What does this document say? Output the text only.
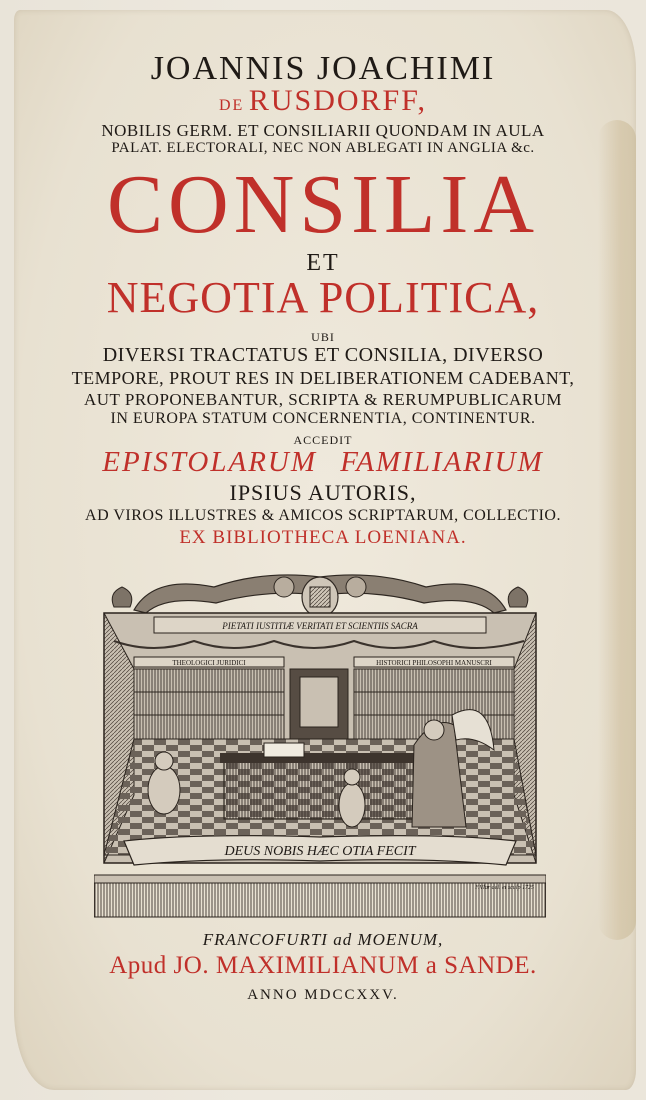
JOANNIS JOACHIMI
DE RUSDORFF,
NOBILIS GERM. ET CONSILIARII QUONDAM IN AULA
PALAT. ELECTORALI, NEC NON ABLEGATI IN ANGLIA &c.
CONSILIA
ET
NEGOTIA POLITICA,
UBI
DIVERSI TRACTATUS ET CONSILIA, DIVERSO
TEMPORE, PROUT RES IN DELIBERATIONEM CADEBANT,
AUT PROPONEBANTUR, SCRIPTA & RERUMPUBLICARUM
IN EUROPA STATUM CONCERNENTIA, CONTINENTUR.
ACCEDIT
EPISTOLARUM FAMILIARIUM
IPSIUS AUTORIS,
AD VIROS ILLUSTRES & AMICOS SCRIPTARUM, COLLECTIO.
EX BIBLIOTHECA LOENIANA.
PIETATI IUSTITIÆ VERITATI ET SCIENTIIS SACRA
THEOLOGICI JURIDICI	HISTORICI PHILOSOPHI MANUSCRI
DEUS NOBIS HÆC OTIA FECIT
F.Vlar del. et sculp 1725
FRANCOFURTI ad MOENUM,
Apud JO. MAXIMILIANUM a SANDE.
ANNO MDCCXXV.
